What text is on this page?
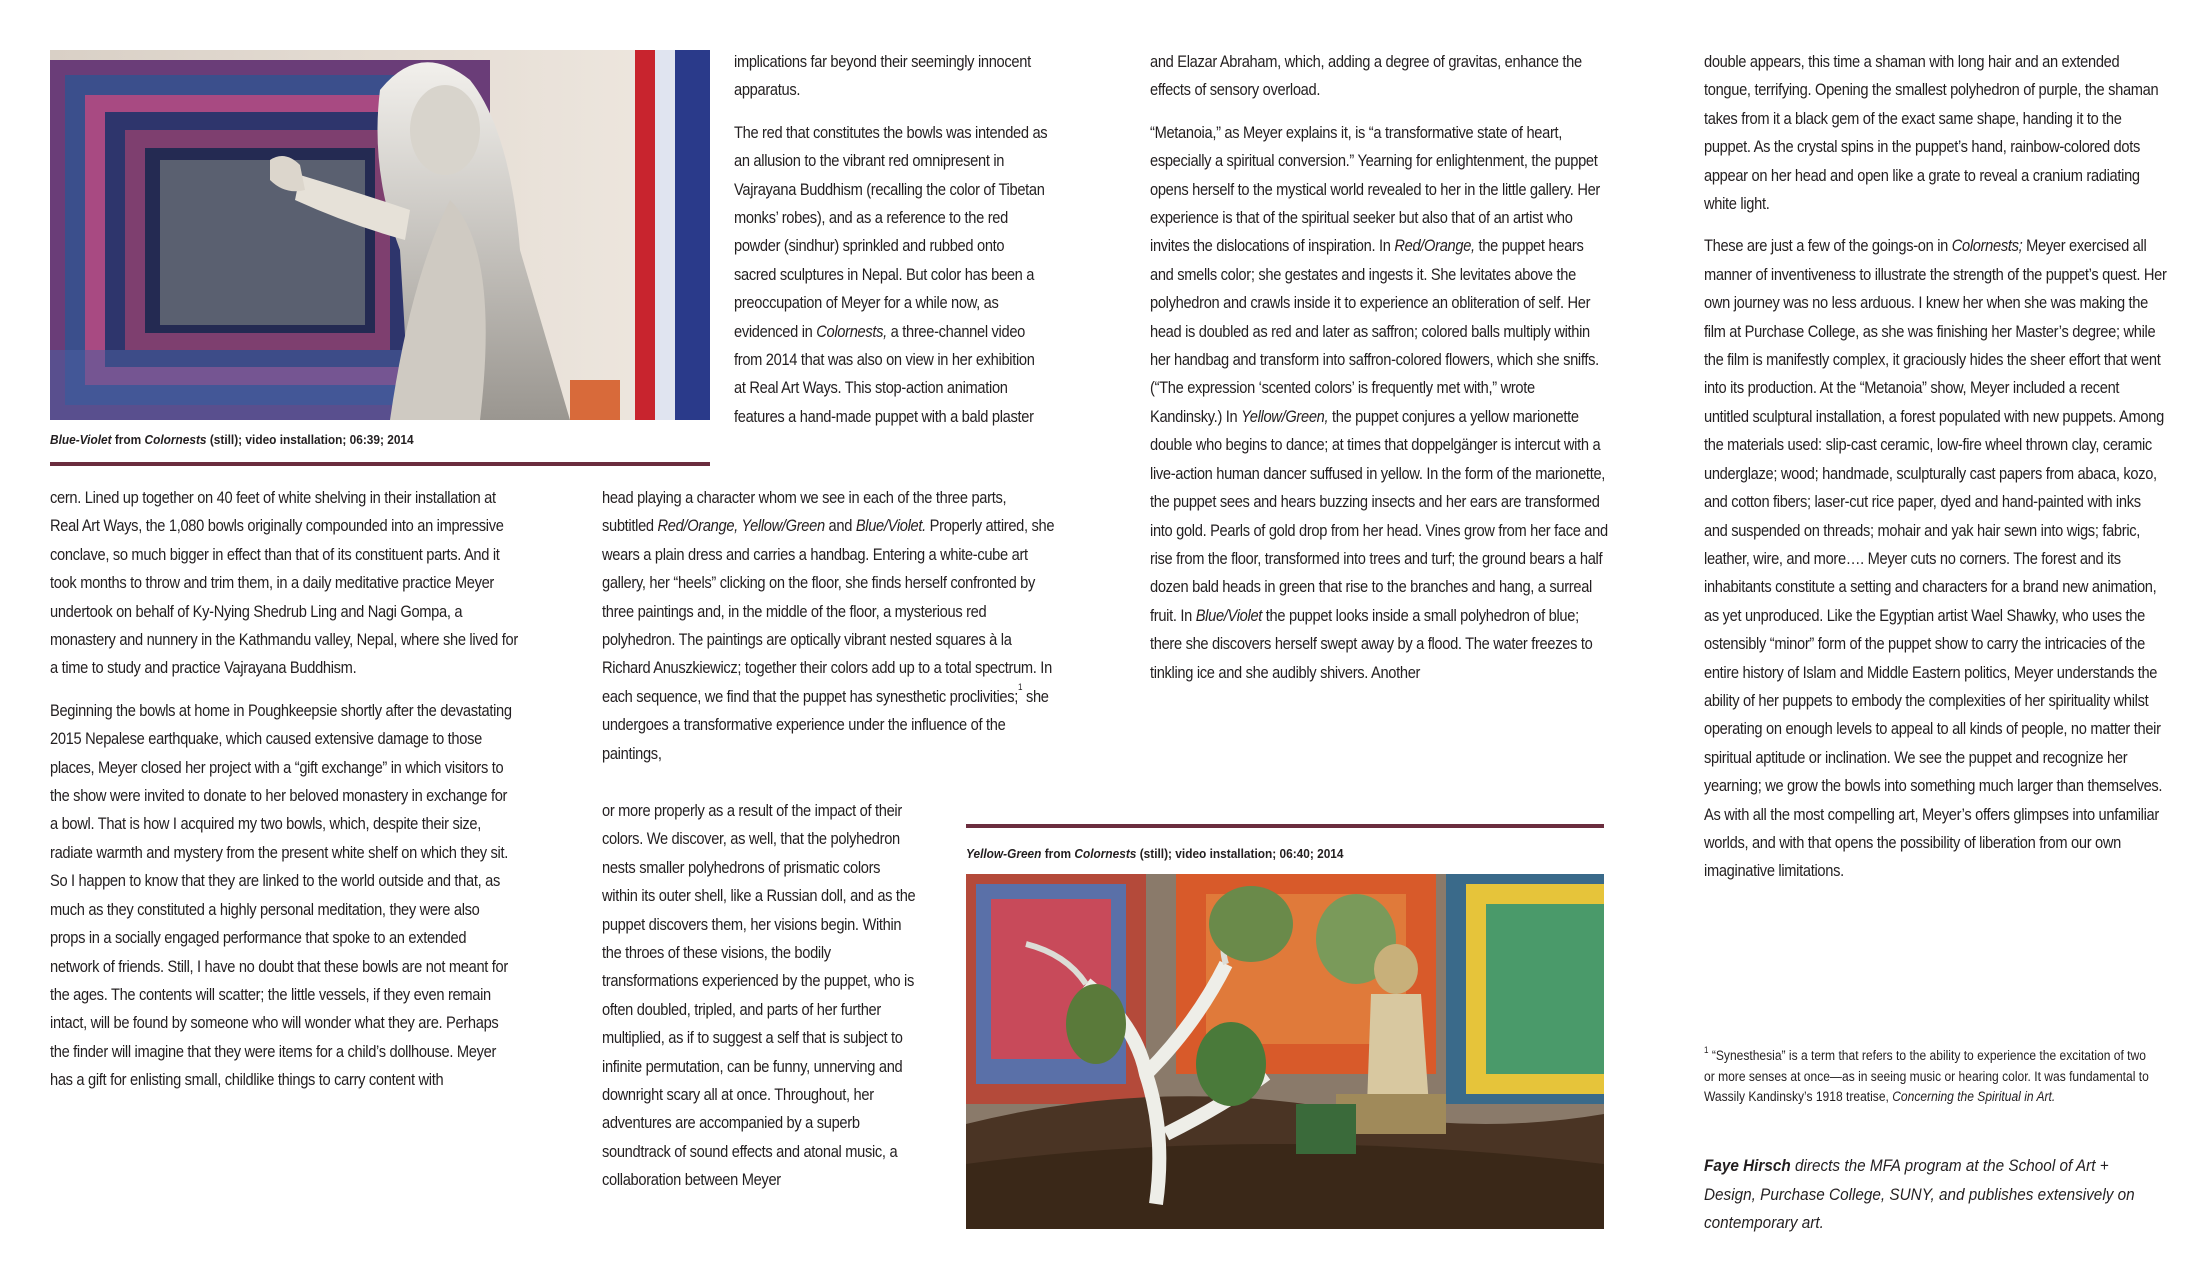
Blue-Violet from Colornests (still); video installation; 06:39; 2014

cern. Lined up together on 40 feet of white shelving in their installation at Real Art Ways, the 1,080 bowls originally compounded into an impressive conclave, so much bigger in effect than that of its constituent parts. And it took months to throw and trim them, in a daily meditative practice Meyer undertook on behalf of Ky-Nying Shedrub Ling and Nagi Gompa, a monastery and nunnery in the Kathmandu valley, Nepal, where she lived for a time to study and practice Vajrayana Buddhism.

Beginning the bowls at home in Poughkeepsie shortly after the devastating 2015 Nepalese earthquake, which caused extensive damage to those places, Meyer closed her project with a “gift exchange” in which visitors to the show were invited to donate to her beloved monastery in exchange for a bowl. That is how I acquired my two bowls, which, despite their size, radiate warmth and mystery from the present white shelf on which they sit. So I happen to know that they are linked to the world outside and that, as much as they constituted a highly personal meditation, they were also props in a socially engaged performance that spoke to an extended network of friends. Still, I have no doubt that these bowls are not meant for the ages. The contents will scatter; the little vessels, if they even remain intact, will be found by someone who will wonder what they are. Perhaps the finder will imagine that they were items for a child’s dollhouse. Meyer has a gift for enlisting small, childlike things to carry content with

implications far beyond their seemingly innocent apparatus.

The red that constitutes the bowls was intended as an allusion to the vibrant red omnipresent in Vajrayana Buddhism (recalling the color of Tibetan monks’ robes), and as a reference to the red powder (sindhur) sprinkled and rubbed onto sacred sculptures in Nepal. But color has been a preoccupation of Meyer for a while now, as evidenced in Colornests, a three-channel video from 2014 that was also on view in her exhibition at Real Art Ways. This stop-action animation features a hand-made puppet with a bald plaster

head playing a character whom we see in each of the three parts, subtitled Red/Orange, Yellow/Green and Blue/Violet. Properly attired, she wears a plain dress and carries a handbag. Entering a white-cube art gallery, her “heels” clicking on the floor, she finds herself confronted by three paintings and, in the middle of the floor, a mysterious red polyhedron. The paintings are optically vibrant nested squares à la Richard Anuszkiewicz; together their colors add up to a total spectrum. In each sequence, we find that the puppet has synesthetic proclivities;$^1$ she undergoes a transformative experience under the influence of the paintings,

or more properly as a result of the impact of their colors. We discover, as well, that the polyhedron nests smaller polyhedrons of prismatic colors within its outer shell, like a Russian doll, and as the puppet discovers them, her visions begin. Within the throes of these visions, the bodily transformations experienced by the puppet, who is often doubled, tripled, and parts of her further multiplied, as if to suggest a self that is subject to infinite permutation, can be funny, unnerving and downright scary all at once. Throughout, her adventures are accompanied by a superb soundtrack of sound effects and atonal music, a collaboration between Meyer

and Elazar Abraham, which, adding a degree of gravitas, enhance the effects of sensory overload.

“Metanoia,” as Meyer explains it, is “a transformative state of heart, especially a spiritual conversion.” Yearning for enlightenment, the puppet opens herself to the mystical world revealed to her in the little gallery. Her experience is that of the spiritual seeker but also that of an artist who invites the dislocations of inspiration. In Red/Orange, the puppet hears and smells color; she gestates and ingests it. She levitates above the polyhedron and crawls inside it to experience an obliteration of self. Her head is doubled as red and later as saffron; colored balls multiply within her handbag and transform into saffron-colored flowers, which she sniffs. (“The expression ‘scented colors’ is frequently met with,” wrote Kandinsky.) In Yellow/Green, the puppet conjures a yellow marionette double who begins to dance; at times that doppelgänger is intercut with a live-action human dancer suffused in yellow. In the form of the marionette, the puppet sees and hears buzzing insects and her ears are transformed into gold. Pearls of gold drop from her head. Vines grow from her face and rise from the floor, transformed into trees and turf; the ground bears a half dozen bald heads in green that rise to the branches and hang, a surreal fruit. In Blue/Violet the puppet looks inside a small polyhedron of blue; there she discovers herself swept away by a flood. The water freezes to tinkling ice and she audibly shivers. Another

Yellow-Green from Colornests (still); video installation; 06:40; 2014

double appears, this time a shaman with long hair and an extended tongue, terrifying. Opening the smallest polyhedron of purple, the shaman takes from it a black gem of the exact same shape, handing it to the puppet. As the crystal spins in the puppet’s hand, rainbow-colored dots appear on her head and open like a grate to reveal a cranium radiating white light.

These are just a few of the goings-on in Colornests; Meyer exercised all manner of inventiveness to illustrate the strength of the puppet’s quest. Her own journey was no less arduous. I knew her when she was making the film at Purchase College, as she was finishing her Master’s degree; while the film is manifestly complex, it graciously hides the sheer effort that went into its production. At the “Metanoia” show, Meyer included a recent untitled sculptural installation, a forest populated with new puppets. Among the materials used: slip-cast ceramic, low-fire wheel thrown clay, ceramic underglaze; wood; handmade, sculpturally cast papers from abaca, kozo, and cotton fibers; laser-cut rice paper, dyed and hand-painted with inks and suspended on threads; mohair and yak hair sewn into wigs; fabric, leather, wire, and more…. Meyer cuts no corners. The forest and its inhabitants constitute a setting and characters for a brand new animation, as yet unproduced. Like the Egyptian artist Wael Shawky, who uses the ostensibly “minor” form of the puppet show to carry the intricacies of the entire history of Islam and Middle Eastern politics, Meyer understands the ability of her puppets to embody the complexities of her spirituality whilst operating on enough levels to appeal to all kinds of people, no matter their spiritual aptitude or inclination. We see the puppet and recognize her yearning; we grow the bowls into something much larger than themselves. As with all the most compelling art, Meyer’s offers glimpses into unfamiliar worlds, and with that opens the possibility of liberation from our own imaginative limitations.

$^1$ “Synesthesia” is a term that refers to the ability to experience the excitation of two or more senses at once—as in seeing music or hearing color. It was fundamental to Wassily Kandinsky’s 1918 treatise, Concerning the Spiritual in Art.
Faye Hirsch directs the MFA program at the School of Art + Design, Purchase College, SUNY, and publishes extensively on contemporary art.
